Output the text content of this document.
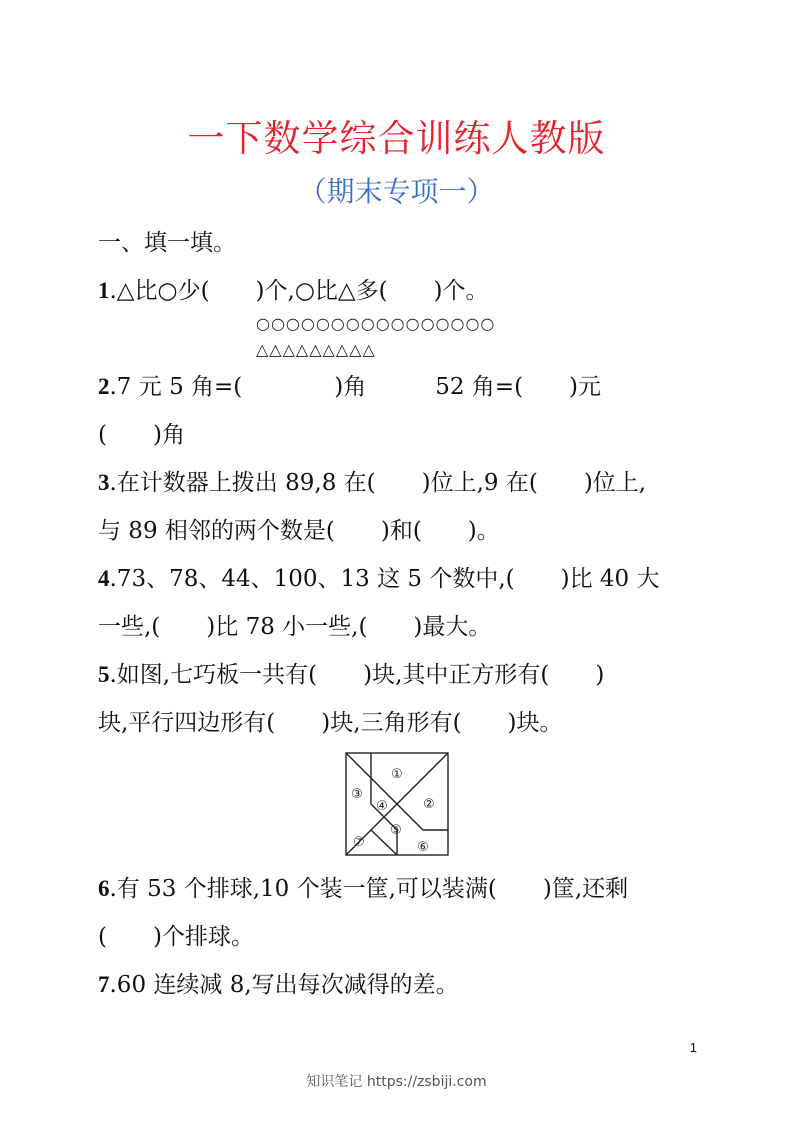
一下数学综合训练人教版
（期末专项一）
一、填一填。
1.△比○少(　　)个,○比△多(　　)个。
○○○○○○○○○○○○○○○○
△△△△△△△△△
2.7 元 5 角=(　　　　)角　　　52 角=(　　)元
(　　)角
3.在计数器上拨出 89,8 在(　　)位上,9 在(　　)位上,
与 89 相邻的两个数是(　　)和(　　)。
4.73、78、44、100、13 这 5 个数中,(　　)比 40 大
一些,(　　)比 78 小一些,(　　)最大。
5.如图,七巧板一共有(　　)块,其中正方形有(　　)
块,平行四边形有(　　)块,三角形有(　　)块。
①
②
③
④
⑤
⑥
⑦
6.有 53 个排球,10 个装一筐,可以装满(　　)筐,还剩
(　　)个排球。
7.60 连续减 8,写出每次减得的差。
1
知识笔记 https://zsbiji.com
